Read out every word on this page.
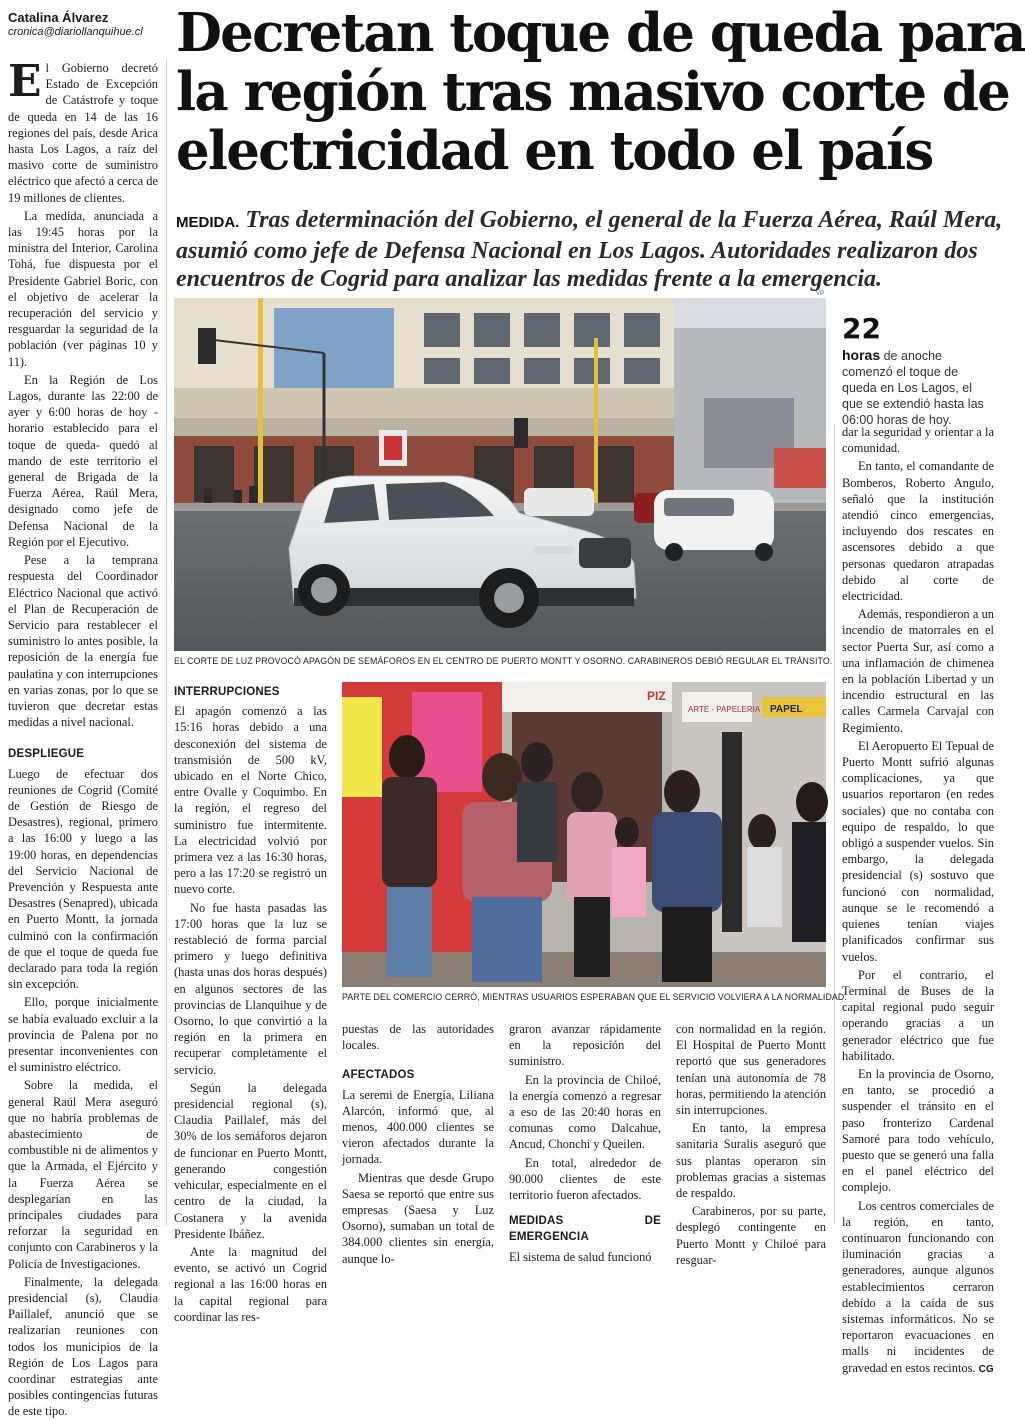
Catalina Álvarez
cronica@diariollanquihue.cl Decretan toque de queda para
la región tras masivo corte de
electricidad en todo el país
MEDIDA. Tras determinación del Gobierno, el general de la Fuerza Aérea, Raúl Mera,
asumió como jefe de Defensa Nacional en Los Lagos. Autoridades realizaron dos
encuentros de Cogrid para analizar las medidas frente a la emergencia.

El Gobierno decretó Estado de Excepción de Catástrofe y toque de queda en 14 de las 16 regiones del país, desde Arica hasta Los Lagos, a raíz del masivo corte de suministro eléctrico que afectó a cerca de 19 millones de clientes.

La medida, anunciada a las 19:45 horas por la ministra del Interior, Carolina Tohá, fue dispuesta por el Presidente Gabriel Boric, con el objetivo de acelerar la recuperación del servicio y resguardar la seguridad de la población (ver páginas 10 y 11).

En la Región de Los Lagos, durante las 22:00 de ayer y 6:00 horas de hoy -horario establecido para el toque de queda- quedó al mando de este territorio el general de Brigada de la Fuerza Aérea, Raúl Mera, designado como jefe de Defensa Nacional de la Región por el Ejecutivo.

Pese a la temprana respuesta del Coordinador Eléctrico Nacional que activó el Plan de Recuperación de Servicio para restablecer el suministro lo antes posible, la reposición de la energía fue paulatina y con interrupciones en varias zonas, por lo que se tuvieron que decretar estas medidas a nivel nacional.

DESPLIEGUE

Luego de efectuar dos reuniones de Cogrid (Comité de Gestión de Riesgo de Desastres), regional, primero a las 16:00 y luego a las 19:00 horas, en dependencias del Servicio Nacional de Prevención y Respuesta ante Desastres (Senapred), ubicada en Puerto Montt, la jornada culminó con la confirmación de que el toque de queda fue declarado para toda la región sin excepción.

Ello, porque inicialmente se había evaluado excluir a la provincia de Palena por no presentar inconvenientes con el suministro eléctrico.

Sobre la medida, el general Raúl Mera aseguró que no habría problemas de abastecimiento de combustible ni de alimentos y que la Armada, el Ejército y la Fuerza Aérea se desplegarían en las principales ciudades para reforzar la seguridad en conjunto con Carabineros y la Policía de Investigaciones.

Finalmente, la delegada presidencial (s), Claudia Paillalef, anunció que se realizarían reuniones con todos los municipios de la Región de Los Lagos para coordinar estrategias ante posibles contingencias futuras de este tipo.

VP
EL CORTE DE LUZ PROVOCÓ APAGÓN DE SEMÁFOROS EN EL CENTRO DE PUERTO MONTT Y OSORNO. CARABINEROS DEBIÓ REGULAR EL TRÁNSITO.
22
horas de anoche comenzó el toque de queda en Los Lagos, el que se extendió hasta las 06:00 horas de hoy.

dar la seguridad y orientar a la comunidad.

En tanto, el comandante de Bomberos, Roberto Angulo, señaló que la institución atendió cinco emergencias, incluyendo dos rescates en ascensores debido a que personas quedaron atrapadas debido al corte de electricidad.

Además, respondieron a un incendio de matorrales en el sector Puerta Sur, así como a una inflamación de chimenea en la población Libertad y un incendio estructural en las calles Carmela Carvajal con Regimiento.

El Aeropuerto El Tepual de Puerto Montt sufrió algunas complicaciones, ya que usuarios reportaron (en redes sociales) que no contaba con equipo de respaldo, lo que obligó a suspender vuelos. Sin embargo, la delegada presidencial (s) sostuvo que funcionó con normalidad, aunque se le recomendó a quienes tenían viajes planificados confirmar sus vuelos.

Por el contrario, el Terminal de Buses de la capital regional pudo seguir operando gracias a un generador eléctrico que fue habilitado.

En la provincia de Osorno, en tanto, se procedió a suspender el tránsito en el paso fronterizo Cardenal Samoré para todo vehículo, puesto que se generó una falla en el panel eléctrico del complejo.

Los centros comerciales de la región, en tanto, continuaron funcionando con iluminación gracias a generadores, aunque algunos establecimientos cerraron debido a la caída de sus sistemas informáticos. No se reportaron evacuaciones en malls ni incidentes de gravedad en estos recintos. CG

INTERRUPCIONES

El apagón comenzó a las 15:16 horas debido a una desconexión del sistema de transmisión de 500 kV, ubicado en el Norte Chico, entre Ovalle y Coquimbo. En la región, el regreso del suministro fue intermitente. La electricidad volvió por primera vez a las 16:30 horas, pero a las 17:20 se registró un nuevo corte.

No fue hasta pasadas las 17:00 horas que la luz se restableció de forma parcial primero y luego definitiva (hasta unas dos horas después) en algunos sectores de las provincias de Llanquihue y de Osorno, lo que convirtió a la región en la primera en recuperar completamente el servicio.

Según la delegada presidencial regional (s), Claudia Paillalef, más del 30% de los semáforos dejaron de funcionar en Puerto Montt, generando congestión vehicular, especialmente en el centro de la ciudad, la Costanera y la avenida Presidente Ibáñez.

Ante la magnitud del evento, se activó un Cogrid regional a las 16:00 horas en la capital regional para coordinar las res-

ARTE - PAPELERIA PAPEL
PIZ
PARTE DEL COMERCIO CERRÓ, MIENTRAS USUARIOS ESPERABAN QUE EL SERVICIO VOLVIERA A LA NORMALIDAD.

puestas de las autoridades locales.

AFECTADOS

La seremi de Energía, Liliana Alarcón, informó que, al menos, 400.000 clientes se vieron afectados durante la jornada.

Mientras que desde Grupo Saesa se reportó que entre sus empresas (Saesa y Luz Osorno), sumaban un total de 384.000 clientes sin energía, aunque lo-

graron avanzar rápidamente en la reposición del suministro.

En la provincia de Chiloé, la energía comenzó a regresar a eso de las 20:40 horas en comunas como Dalcahue, Ancud, Chonchi y Queilen.

En total, alrededor de 90.000 clientes de este territorio fueron afectados.

MEDIDAS DE EMERGENCIA

El sistema de salud funcionó

con normalidad en la región. El Hospital de Puerto Montt reportó que sus generadores tenían una autonomía de 78 horas, permitiendo la atención sin interrupciones.

En tanto, la empresa sanitaria Suralis aseguró que sus plantas operaron sin problemas gracias a sistemas de respaldo.

Carabineros, por su parte, desplegó contingente en Puerto Montt y Chiloé para resguar-
